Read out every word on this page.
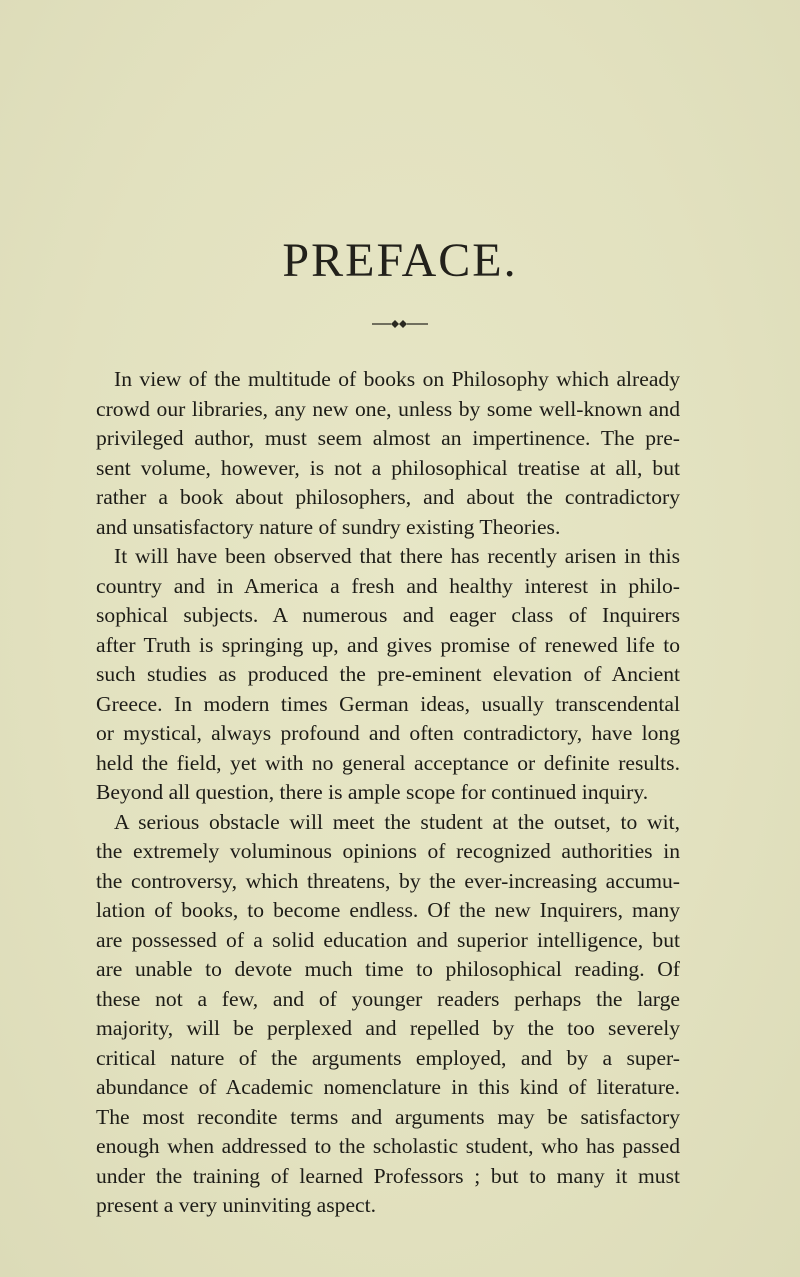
PREFACE.
In view of the multitude of books on Philosophy which already
crowd our libraries, any new one, unless by some well-known and
privileged author, must seem almost an impertinence. The pre-
sent volume, however, is not a philosophical treatise at all, but
rather a book about philosophers, and about the contradictory
and unsatisfactory nature of sundry existing Theories.
It will have been observed that there has recently arisen in this
country and in America a fresh and healthy interest in philo-
sophical subjects. A numerous and eager class of Inquirers
after Truth is springing up, and gives promise of renewed life to
such studies as produced the pre-eminent elevation of Ancient
Greece. In modern times German ideas, usually transcendental
or mystical, always profound and often contradictory, have long
held the field, yet with no general acceptance or definite results.
Beyond all question, there is ample scope for continued inquiry.
A serious obstacle will meet the student at the outset, to wit,
the extremely voluminous opinions of recognized authorities in
the controversy, which threatens, by the ever-increasing accumu-
lation of books, to become endless. Of the new Inquirers, many
are possessed of a solid education and superior intelligence, but
are unable to devote much time to philosophical reading. Of
these not a few, and of younger readers perhaps the large
majority, will be perplexed and repelled by the too severely
critical nature of the arguments employed, and by a super-
abundance of Academic nomenclature in this kind of literature.
The most recondite terms and arguments may be satisfactory
enough when addressed to the scholastic student, who has passed
under the training of learned Professors ; but to many it must
present a very uninviting aspect.
